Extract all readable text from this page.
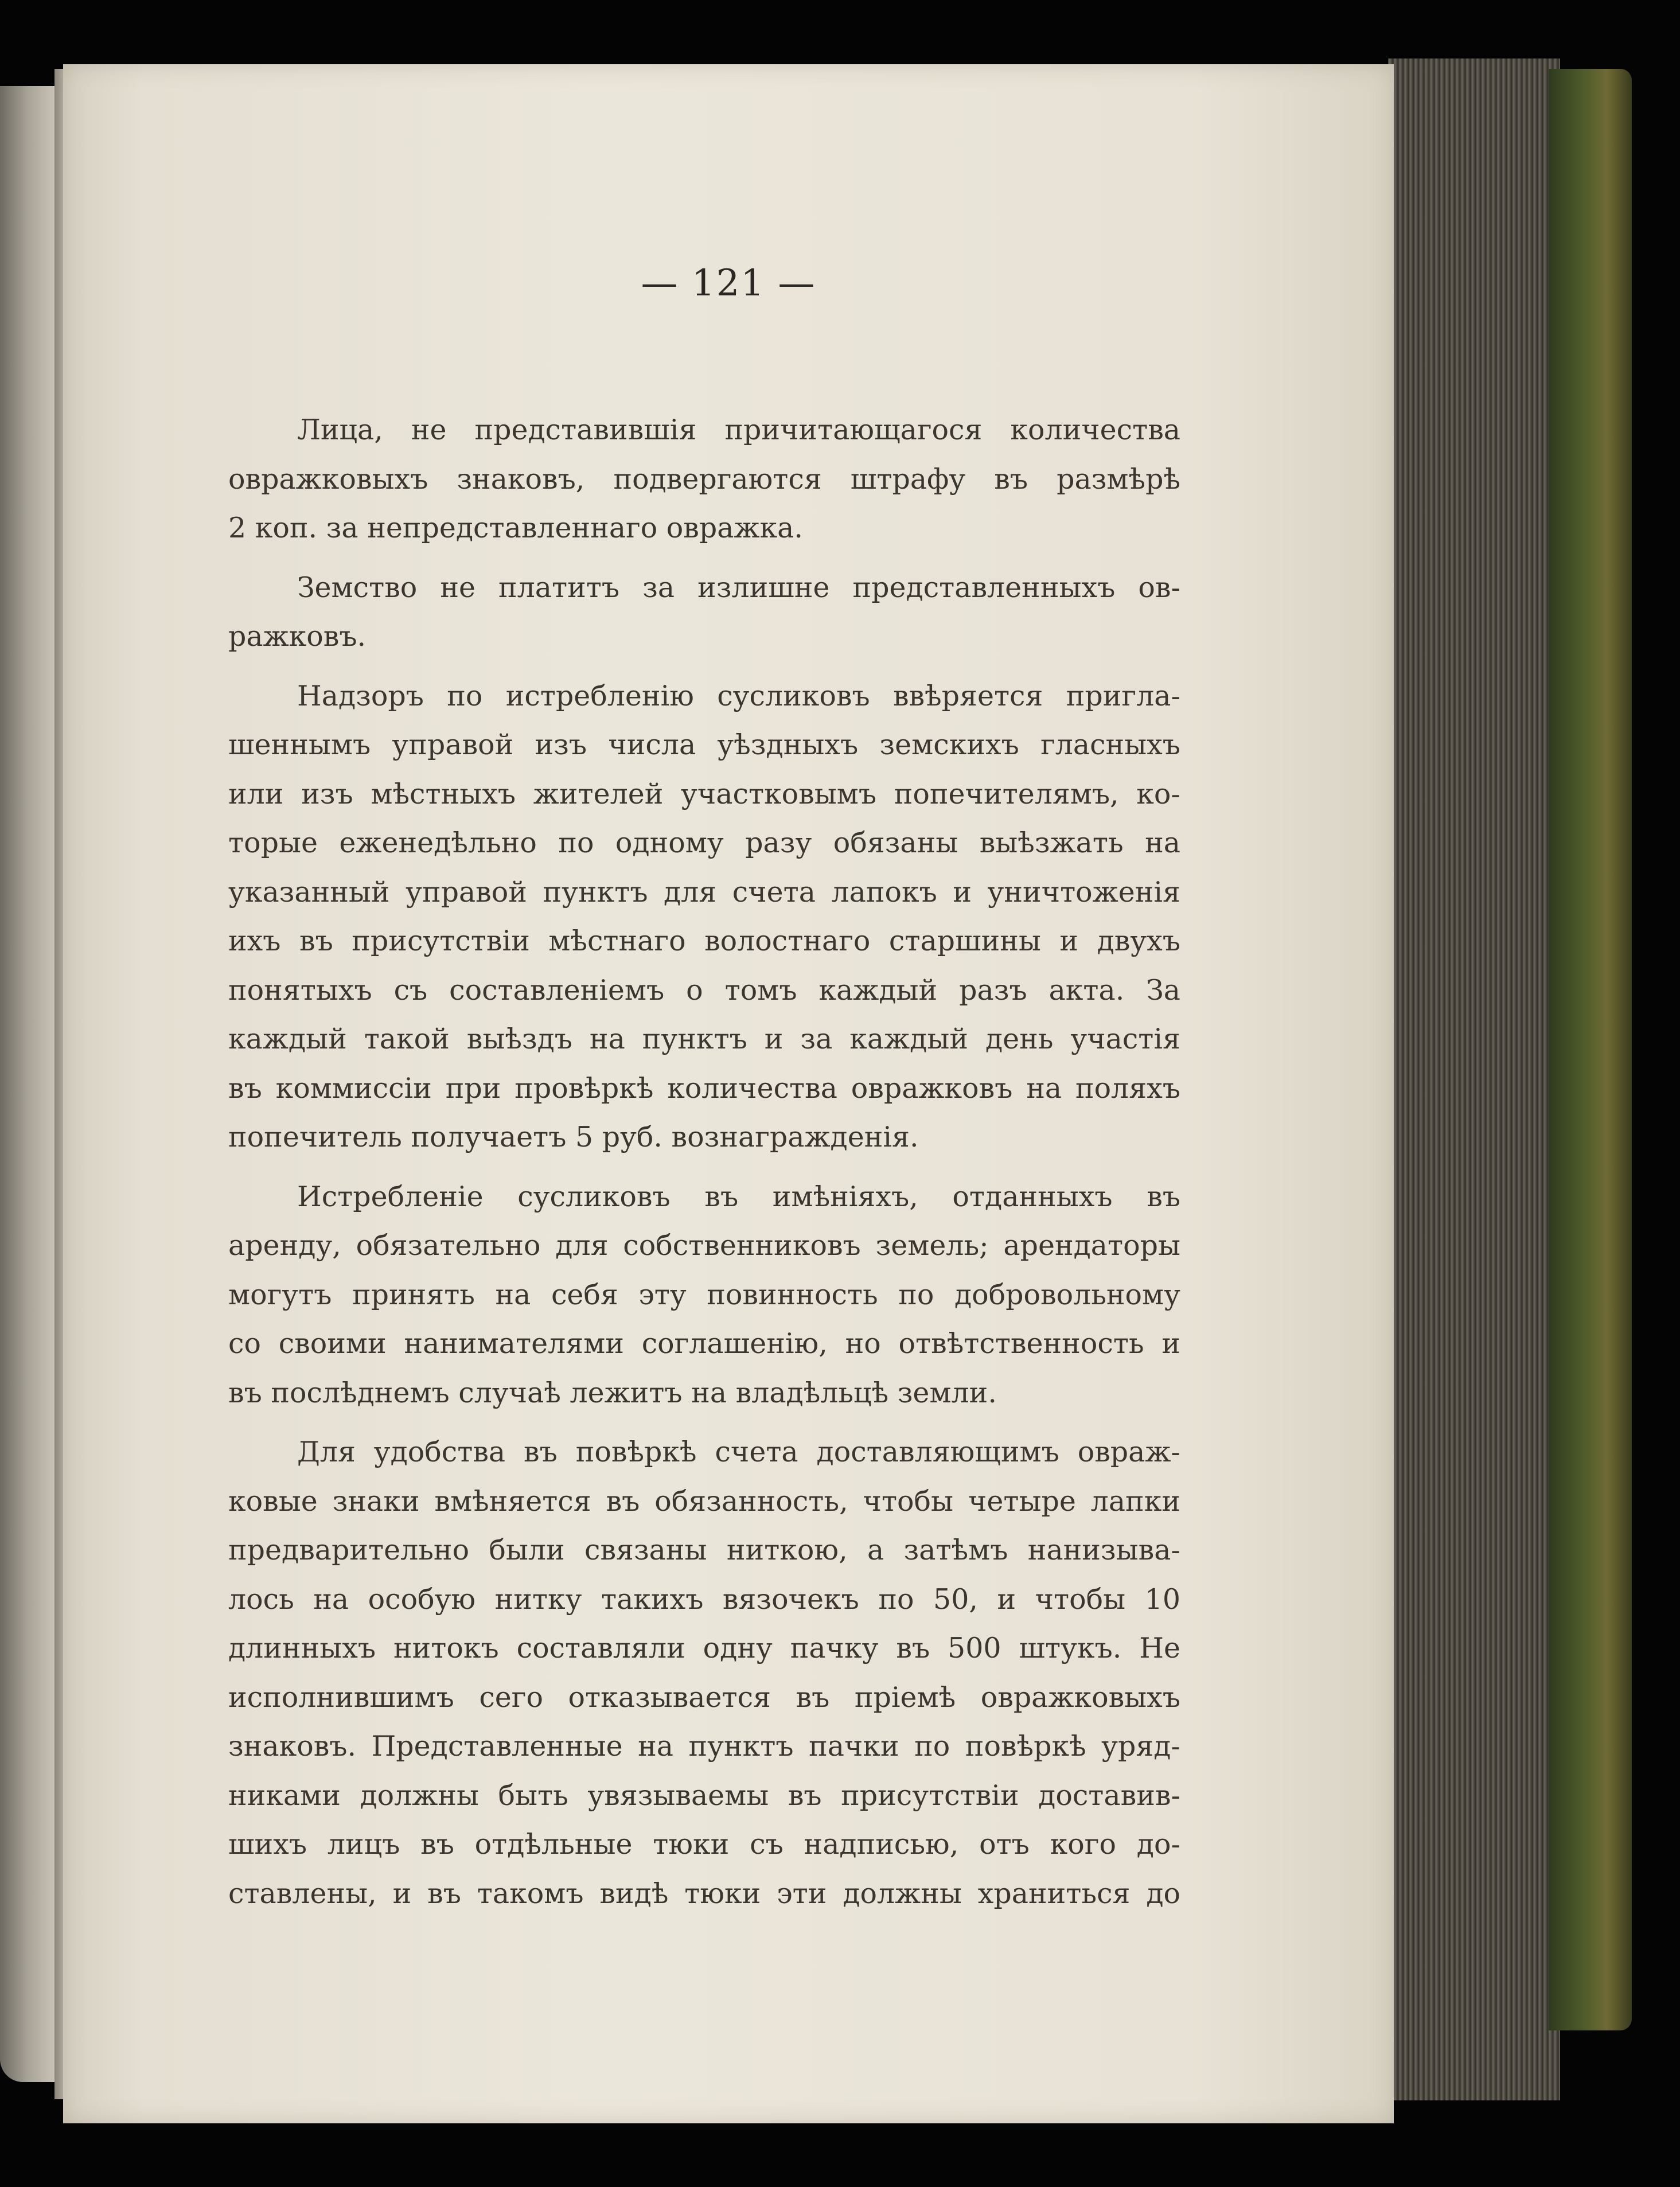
— 121 —
Лица, не представившія причитающагося количества
овражковыхъ знаковъ, подвергаются штрафу въ размѣрѣ
2 коп. за непредставленнаго овражка.
Земство не платитъ за излишне представленныхъ ов-
ражковъ.
Надзоръ по истребленію сусликовъ ввѣряется пригла-
шеннымъ управой изъ числа уѣздныхъ земскихъ гласныхъ
или изъ мѣстныхъ жителей участковымъ попечителямъ, ко-
торые еженедѣльно по одному разу обязаны выѣзжать на
указанный управой пунктъ для счета лапокъ и уничтоженія
ихъ въ присутствіи мѣстнаго волостнаго старшины и двухъ
понятыхъ съ составленіемъ о томъ каждый разъ акта. За
каждый такой выѣздъ на пунктъ и за каждый день участія
въ коммиссіи при провѣркѣ количества овражковъ на поляхъ
попечитель получаетъ 5 руб. вознагражденія.
Истребленіе сусликовъ въ имѣніяхъ, отданныхъ въ
аренду, обязательно для собственниковъ земель; арендаторы
могутъ принять на себя эту повинность по добровольному
со своими нанимателями соглашенію, но отвѣтственность и
въ послѣднемъ случаѣ лежитъ на владѣльцѣ земли.
Для удобства въ повѣркѣ счета доставляющимъ овраж-
ковые знаки вмѣняется въ обязанность, чтобы четыре лапки
предварительно были связаны ниткою, а затѣмъ нанизыва-
лось на особую нитку такихъ вязочекъ по 50, и чтобы 10
длинныхъ нитокъ составляли одну пачку въ 500 штукъ. Не
исполнившимъ сего отказывается въ пріемѣ овражковыхъ
знаковъ. Представленные на пунктъ пачки по повѣркѣ уряд-
никами должны быть увязываемы въ присутствіи доставив-
шихъ лицъ въ отдѣльные тюки съ надписью, отъ кого до-
ставлены, и въ такомъ видѣ тюки эти должны храниться до
